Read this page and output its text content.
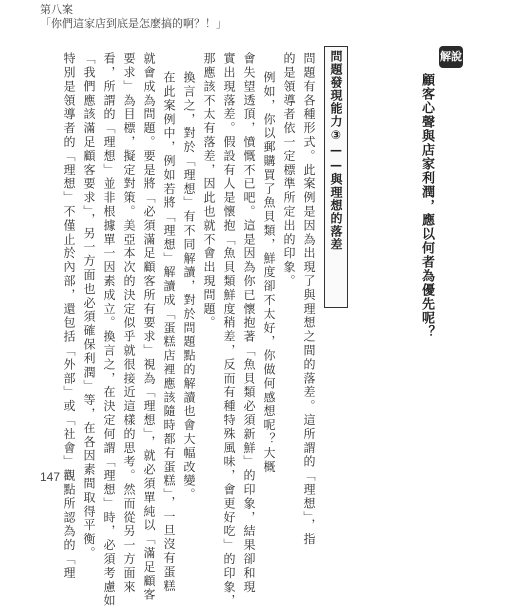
第八案
「你們這家店到底是怎麼搞的啊？！」
解說
顧客心聲與店家利潤，應以何者為優先呢？
問題發現能力③——與理想的落差
問題有各種形式。此案例是因為出現了與理想之間的落差。這所謂的「理想」，指
的是領導者依一定標準所定出的印象。
例如，你以郵購買了魚貝類，鮮度卻不太好，你做何感想呢？大概
會失望透頂，憤慨不已吧。這是因為你已懷抱著「魚貝類必須新鮮」的印象，結果卻和現
實出現落差。假設有人是懷抱「魚貝類鮮度稍差，反而有種特殊風味，會更好吃」的印象，
那應該不太有落差，因此也就不會出現問題。
換言之，對於「理想」有不同解讀，對於問題點的解讀也會大幅改變。
在此案例中，例如若將「理想」解讀成「蛋糕店裡應該隨時都有蛋糕」，一旦沒有蛋糕
就會成為問題。要是將「必須滿足顧客所有要求」視為「理想」，就必須單純以「滿足顧客
要求」為目標，擬定對策。美亞本次的決定似乎就很接近這樣的思考。然而從另一方面來
看，所謂的「理想」並非根據單一因素成立。換言之，在決定何謂「理想」時，必須考慮如
「我們應該滿足顧客要求」，另一方面也必須確保利潤」等，在各因素間取得平衡。
特別是領導者的「理想」不僅止於內部，還包括「外部」或「社會」觀點所認為的「理
147
